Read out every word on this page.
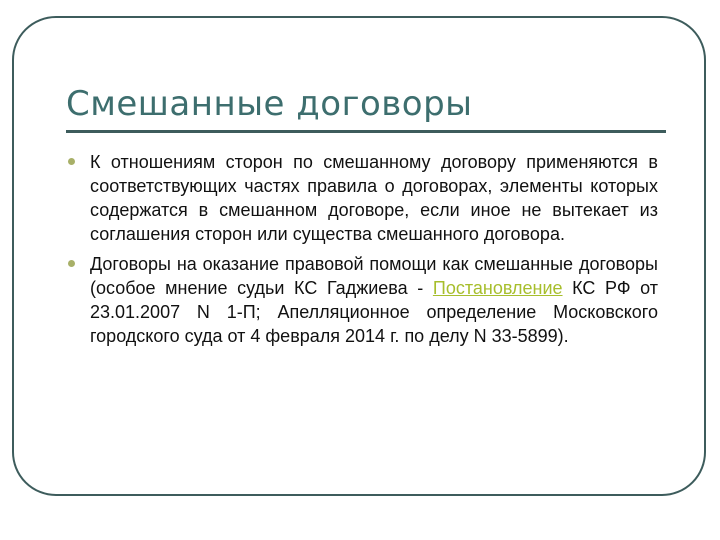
Смешанные договоры
К отношениям сторон по смешанному договору применяются в соответствующих частях правила о договорах, элементы которых содержатся в смешанном договоре, если иное не вытекает из соглашения сторон или существа смешанного договора.
Договоры на оказание правовой помощи как смешанные договоры (особое мнение судьи КС Гаджиева - Постановление КС РФ от 23.01.2007 N 1-П; Апелляционное определение Московского городского суда от 4 февраля 2014 г. по делу N 33-5899).
